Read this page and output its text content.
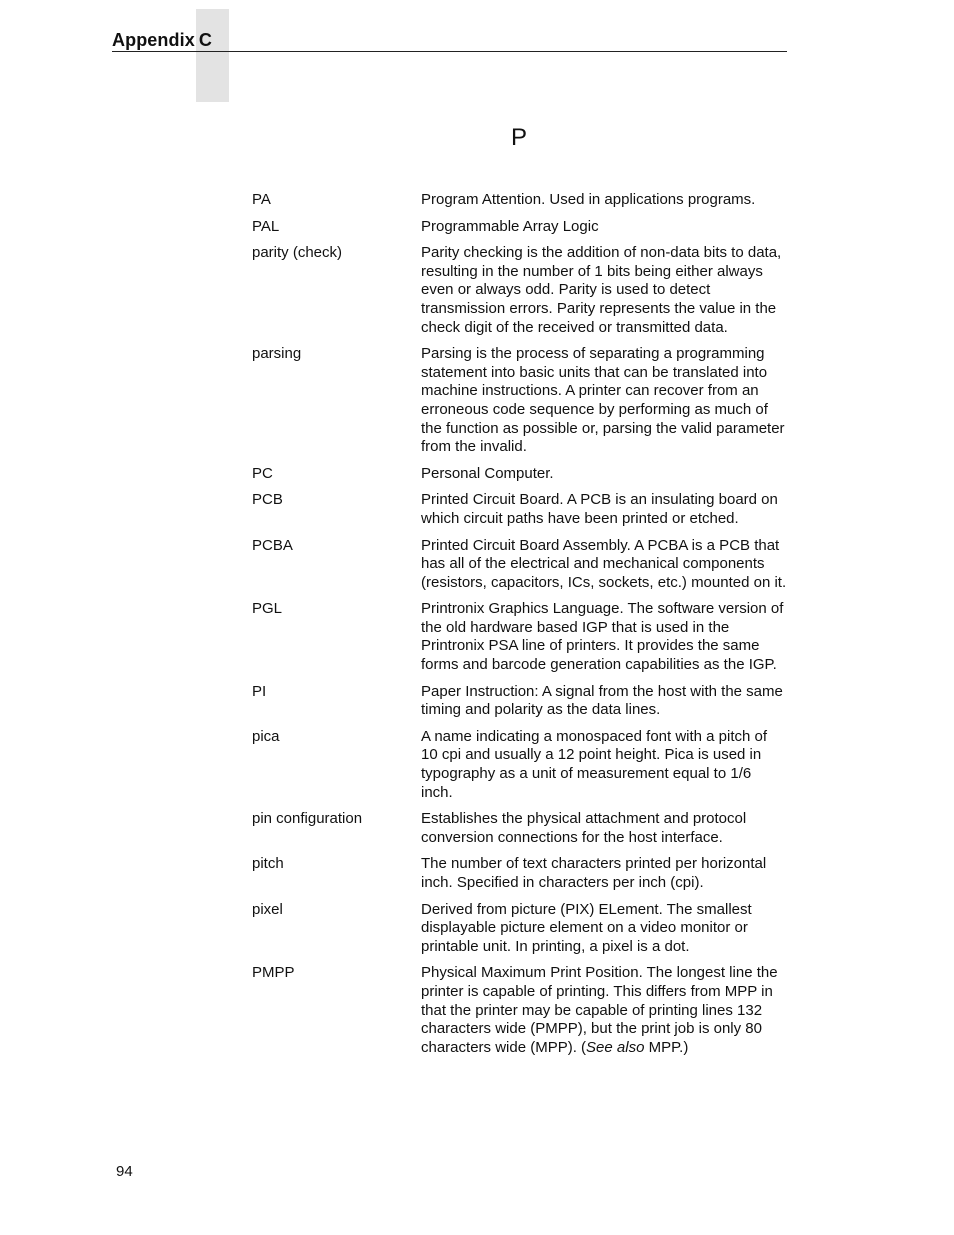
Appendix C
P
PA	Program Attention. Used in applications programs.
PAL	Programmable Array Logic
parity (check)	Parity checking is the addition of non-data bits to data, resulting in the number of 1 bits being either always even or always odd. Parity is used to detect transmission errors. Parity represents the value in the check digit of the received or transmitted data.
parsing	Parsing is the process of separating a programming statement into basic units that can be translated into machine instructions. A printer can recover from an erroneous code sequence by performing as much of the function as possible or, parsing the valid parameter from the invalid.
PC	Personal Computer.
PCB	Printed Circuit Board. A PCB is an insulating board on which circuit paths have been printed or etched.
PCBA	Printed Circuit Board Assembly. A PCBA is a PCB that has all of the electrical and mechanical components (resistors, capacitors, ICs, sockets, etc.) mounted on it.
PGL	Printronix Graphics Language. The software version of the old hardware based IGP that is used in the Printronix PSA line of printers. It provides the same forms and barcode generation capabilities as the IGP.
PI	Paper Instruction: A signal from the host with the same timing and polarity as the data lines.
pica	A name indicating a monospaced font with a pitch of 10 cpi and usually a 12 point height. Pica is used in typography as a unit of measurement equal to 1/6 inch.
pin configuration	Establishes the physical attachment and protocol conversion connections for the host interface.
pitch	The number of text characters printed per horizontal inch. Specified in characters per inch (cpi).
pixel	Derived from picture (PIX) ELement. The smallest displayable picture element on a video monitor or printable unit. In printing, a pixel is a dot.
PMPP	Physical Maximum Print Position. The longest line the printer is capable of printing. This differs from MPP in that the printer may be capable of printing lines 132 characters wide (PMPP), but the print job is only 80 characters wide (MPP). (See also MPP.)
94
